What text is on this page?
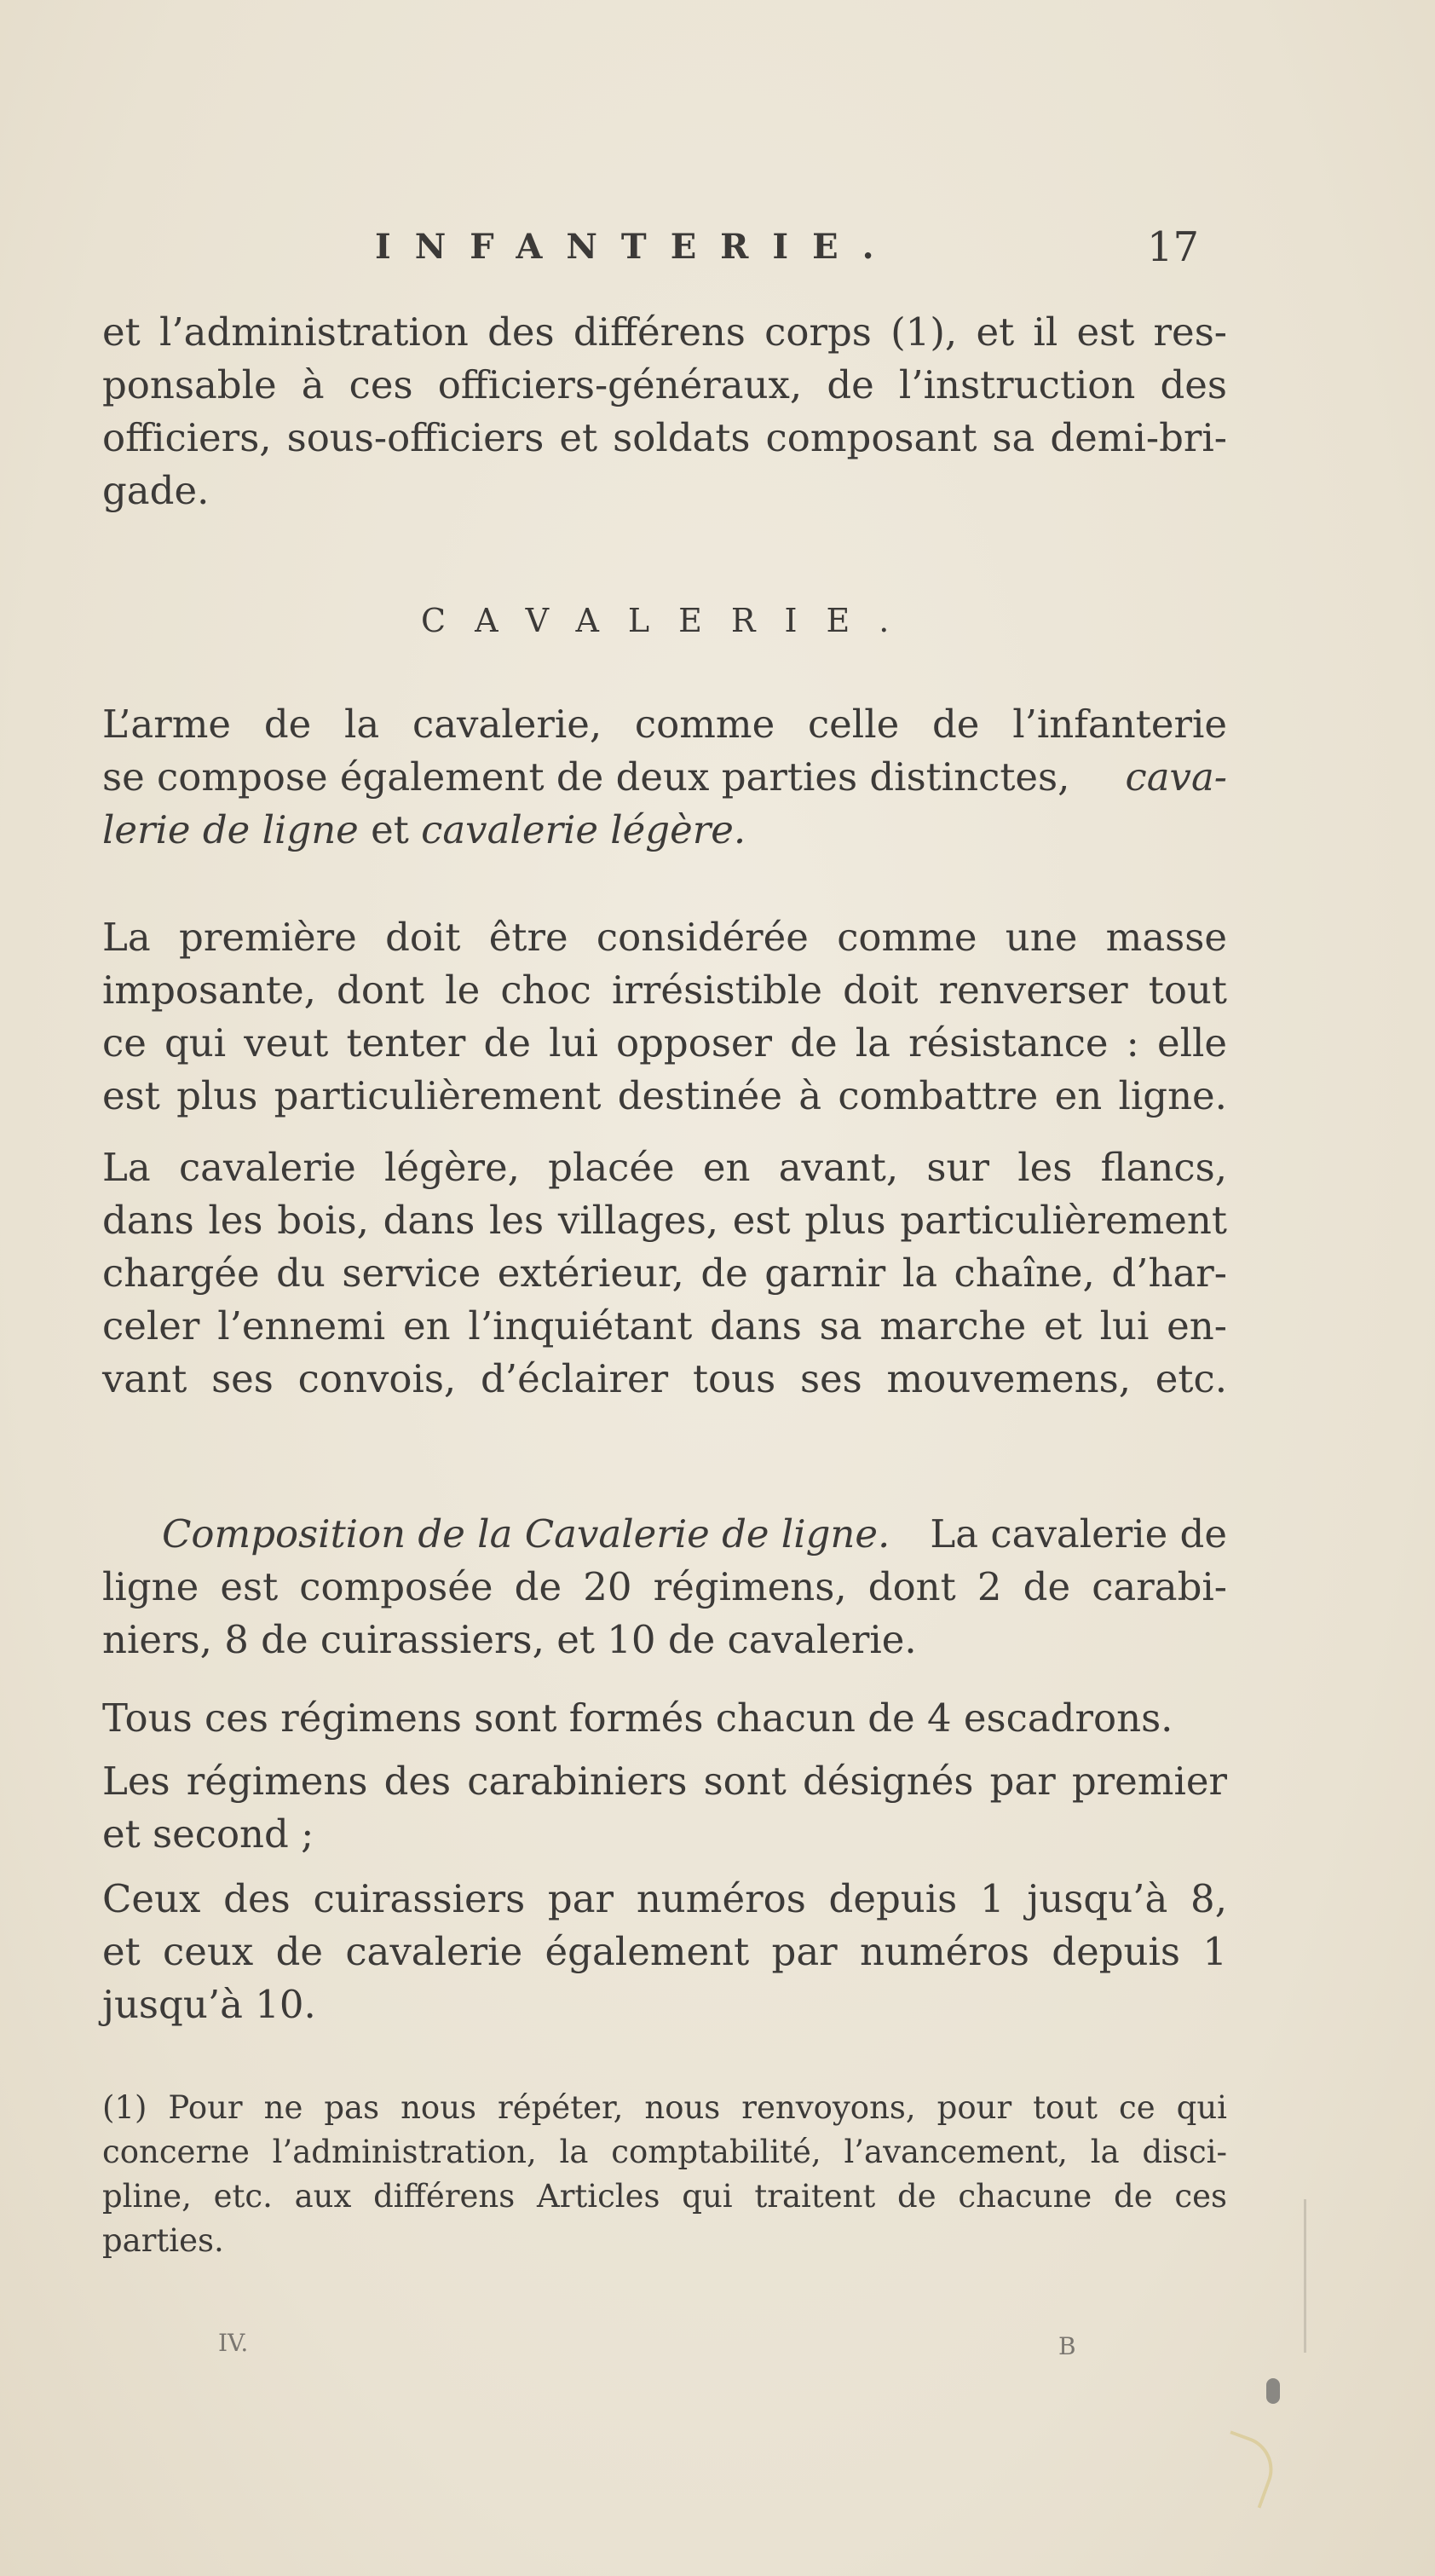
INFANTERIE.	17
et l’administration des différens corps (1), et il est res-
ponsable à ces officiers-généraux, de l’instruction des
officiers, sous-officiers et soldats composant sa demi-bri-
gade.
CAVALERIE.
L’arme de la cavalerie, comme celle de l’infanterie
se compose également de deux parties distinctes, cava-
lerie de ligne et cavalerie légère.
La première doit être considérée comme une masse
imposante, dont le choc irrésistible doit renverser tout
ce qui veut tenter de lui opposer de la résistance : elle
est plus particulièrement destinée à combattre en ligne.
La cavalerie légère, placée en avant, sur les flancs,
dans les bois, dans les villages, est plus particulièrement
chargée du service extérieur, de garnir la chaîne, d’har-
celer l’ennemi en l’inquiétant dans sa marche et lui en-
vant ses convois, d’éclairer tous ses mouvemens, etc.
Composition de la Cavalerie de ligne. La cavalerie de
ligne est composée de 20 régimens, dont 2 de carabi-
niers, 8 de cuirassiers, et 10 de cavalerie.
Tous ces régimens sont formés chacun de 4 escadrons.
Les régimens des carabiniers sont désignés par premier
et second ;
Ceux des cuirassiers par numéros depuis 1 jusqu’à 8,
et ceux de cavalerie également par numéros depuis 1
jusqu’à 10.
(1) Pour ne pas nous répéter, nous renvoyons, pour tout ce qui
concerne l’administration, la comptabilité, l’avancement, la disci-
pline, etc. aux différens Articles qui traitent de chacune de ces
parties.
IV.	B
